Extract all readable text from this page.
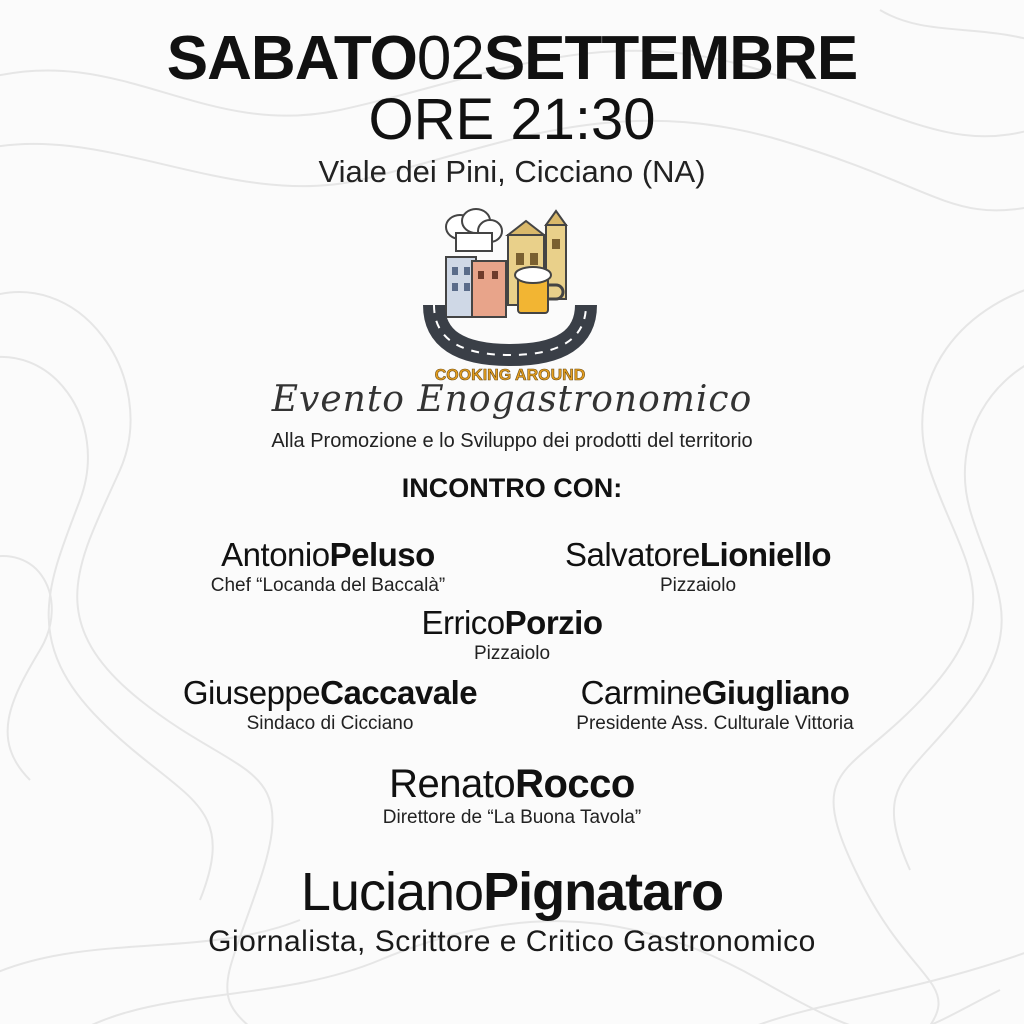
SABATO02SETTEMBRE
ORE 21:30
Viale dei Pini, Cicciano (NA)
COOKING AROUND
Evento Enogastronomico
Alla Promozione e lo Sviluppo dei prodotti del territorio
INCONTRO CON:
AntonioPeluso
Chef “Locanda del Baccalà”
SalvatoreLioniello
Pizzaiolo
ErricoPorzio
Pizzaiolo
GiuseppeCaccavale
Sindaco di Cicciano
CarmineGiugliano
Presidente Ass. Culturale Vittoria
RenatoRocco
Direttore de “La Buona Tavola”
LucianoPignataro
Giornalista, Scrittore e Critico Gastronomico
